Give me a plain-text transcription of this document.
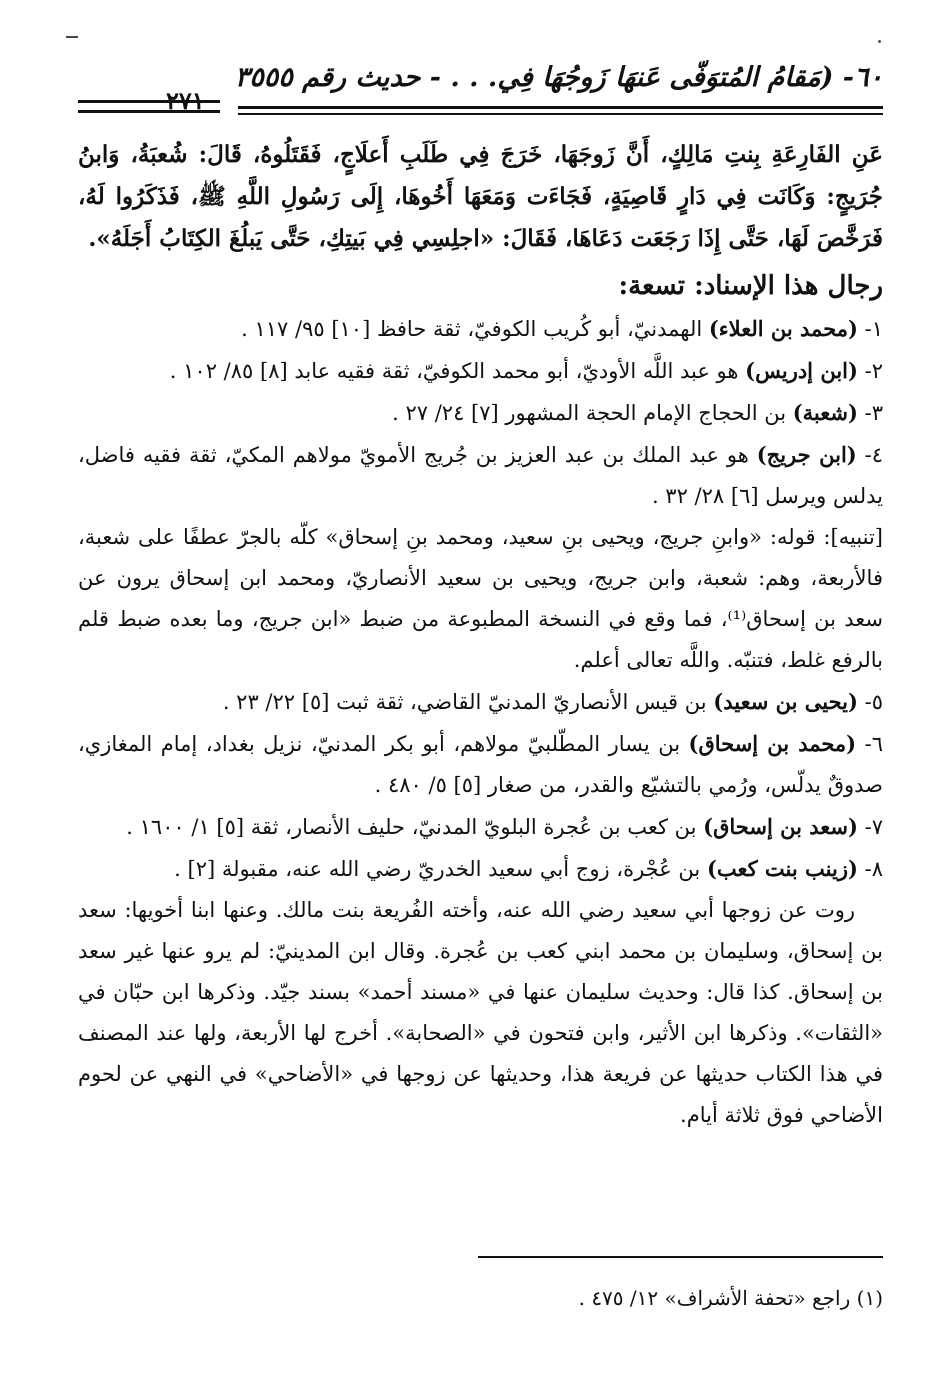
٦٠- (مَقامُ المُتوَفّى عَنهَا زَوجُهَا فِي. . . - حديث رقم ٣٥٥٥
٢٧١

عَنِ الفَارِعَةِ بِنتِ مَالِكٍ، أَنَّ زَوجَهَا، خَرَجَ فِي طَلَبِ أَعلَاجٍ، فَقَتَلُوهُ، قَالَ: شُعبَةُ، وَابنُ جُرَيجٍ: وَكَانَت فِي دَارٍ قَاصِيَةٍ، فَجَاءَت وَمَعَهَا أَخُوهَا، إِلَى رَسُولِ اللَّهِ ﷺ، فَذَكَرُوا لَهُ، فَرَخَّصَ لَهَا، حَتَّى إِذَا رَجَعَت دَعَاهَا، فَقَالَ: «اجلِسِي فِي بَيتِكِ، حَتَّى يَبلُغَ الكِتَابُ أَجَلَهُ».

رجال هذا الإسناد: تسعة:

١- (محمد بن العلاء) الهمدنيّ، أبو كُريب الكوفيّ، ثقة حافظ [١٠] ٩٥/ ١١٧ .

٢- (ابن إدريس) هو عبد اللَّه الأوديّ، أبو محمد الكوفيّ، ثقة فقيه عابد [٨] ٨٥/ ١٠٢ .

٣- (شعبة) بن الحجاج الإمام الحجة المشهور [٧] ٢٤/ ٢٧ .

٤- (ابن جريج) هو عبد الملك بن عبد العزيز بن جُريج الأمويّ مولاهم المكيّ، ثقة فقيه فاضل، يدلس ويرسل [٦] ٢٨/ ٣٢ .

[تنبيه]: قوله: «وابنِ جريج، ويحيى بنِ سعيد، ومحمد بنِ إسحاق» كلّه بالجرّ عطفًا على شعبة، فالأربعة، وهم: شعبة، وابن جريج، ويحيى بن سعيد الأنصاريّ، ومحمد ابن إسحاق يرون عن سعد بن إسحاق⁽¹⁾، فما وقع في النسخة المطبوعة من ضبط «ابن جريج، وما بعده ضبط قلم بالرفع غلط، فتنبّه. واللَّه تعالى أعلم.

٥- (يحيى بن سعيد) بن قيس الأنصاريّ المدنيّ القاضي، ثقة ثبت [٥] ٢٢/ ٢٣ .

٦- (محمد بن إسحاق) بن يسار المطّلبيّ مولاهم، أبو بكر المدنيّ، نزيل بغداد، إمام المغازي، صدوقٌ يدلّس، ورُمي بالتشيّع والقدر، من صغار [٥] ٥/ ٤٨٠ .

٧- (سعد بن إسحاق) بن كعب بن عُجرة البلويّ المدنيّ، حليف الأنصار، ثقة [٥] ١/ ١٦٠٠ .

٨- (زينب بنت كعب) بن عُجْرة، زوج أبي سعيد الخدريّ رضي الله عنه، مقبولة [٢] .

روت عن زوجها أبي سعيد رضي الله عنه، وأخته الفُريعة بنت مالك. وعنها ابنا أخويها: سعد بن إسحاق، وسليمان بن محمد ابني كعب بن عُجرة. وقال ابن المدينيّ: لم يرو عنها غير سعد بن إسحاق. كذا قال: وحديث سليمان عنها في «مسند أحمد» بسند جيّد. وذكرها ابن حبّان في «الثقات». وذكرها ابن الأثير، وابن فتحون في «الصحابة». أخرج لها الأربعة، ولها عند المصنف في هذا الكتاب حديثها عن فريعة هذا، وحديثها عن زوجها في «الأضاحي» في النهي عن لحوم الأضاحي فوق ثلاثة أيام.

(١) راجع «تحفة الأشراف» ١٢/ ٤٧٥ .
